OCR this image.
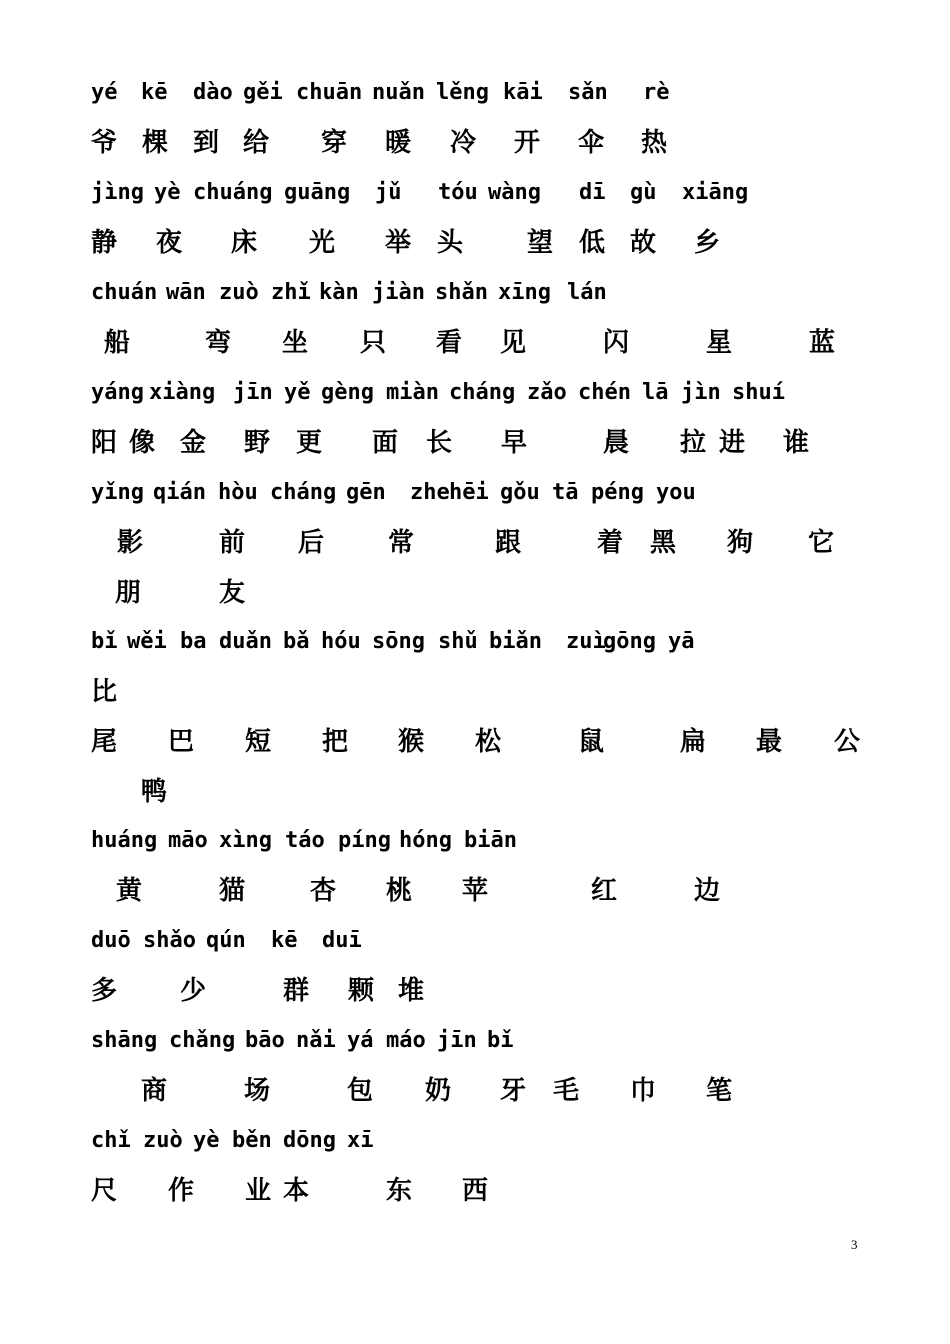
yé kē dào gěi chuān nuǎn lěng kāi sǎn rè
爷 棵 到 给 穿 暖 冷 开 伞 热
jìng yè chuáng guāng jǔ tóu wàng dī gù xiāng
静 夜 床 光 举 头 望 低 故 乡
chuán wān zuò zhǐ kàn jiàn shǎn xīng lán
船	弯 坐 只 看 见	闪	星	蓝
yáng xiàng jīn yě gèng miàn cháng zǎo chén lā jìn shuí
阳 像 金 野 更 面 长 早	晨 拉 进 谁
yǐng qián hòu cháng gēn zhe hēi gǒu tā péng you
影	前 后 常	跟	着 黑 狗 它
朋	友
bǐ wěi ba duǎn bǎ hóu sōng shǔ biǎn zuì
gōng yā
比
尾 巴 短 把 猴 松	鼠	扁 最 公
鸭
huáng māo xìng táo píng hóng biān
黄	猫 杏 桃 苹	红	边
duō shǎo qún kē duī
多 少	群 颗 堆
shāng chǎng bāo nǎi yá máo jīn bǐ
商	场	包 奶 牙 毛 巾 笔
chǐ zuò yè běn dōng xī
尺 作 业 本	东 西
3
